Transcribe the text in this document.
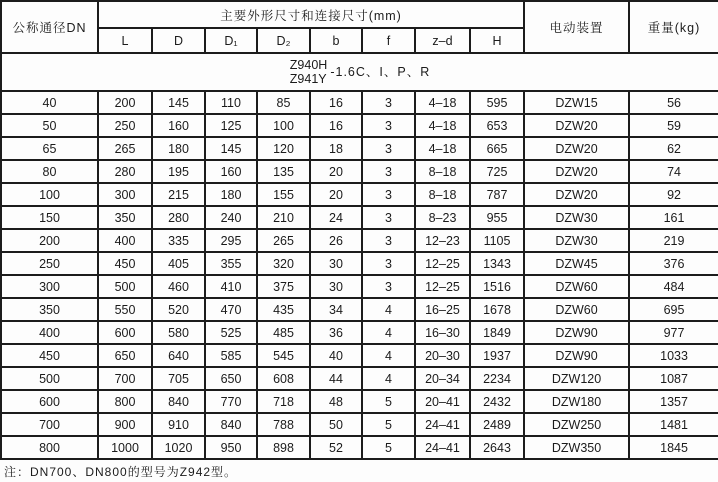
公称通径DN	主要外形尺寸和连接尺寸(mm)								电动装置	重量(kg)
	L	D	D₁	D₂	b	f	z–d	H		

Z940H
Z941Y
-1.6C、I、P、R										

40	200	145	110	85	16	3	4–18	595	DZW15	56
50	250	160	125	100	16	3	4–18	653	DZW20	59
65	265	180	145	120	18	3	4–18	665	DZW20	62
80	280	195	160	135	20	3	8–18	725	DZW20	74
100	300	215	180	155	20	3	8–18	787	DZW20	92
150	350	280	240	210	24	3	8–23	955	DZW30	161
200	400	335	295	265	26	3	12–23	1105	DZW30	219
250	450	405	355	320	30	3	12–25	1343	DZW45	376
300	500	460	410	375	30	3	12–25	1516	DZW60	484
350	550	520	470	435	34	4	16–25	1678	DZW60	695
400	600	580	525	485	36	4	16–30	1849	DZW90	977
450	650	640	585	545	40	4	20–30	1937	DZW90	1033
500	700	705	650	608	44	4	20–34	2234	DZW120	1087
600	800	840	770	718	48	5	20–41	2432	DZW180	1357
700	900	910	840	788	50	5	24–41	2489	DZW250	1481
800	1000	1020	950	898	52	5	24–41	2643	DZW350	1845
注：DN700、DN800的型号为Z942型。
